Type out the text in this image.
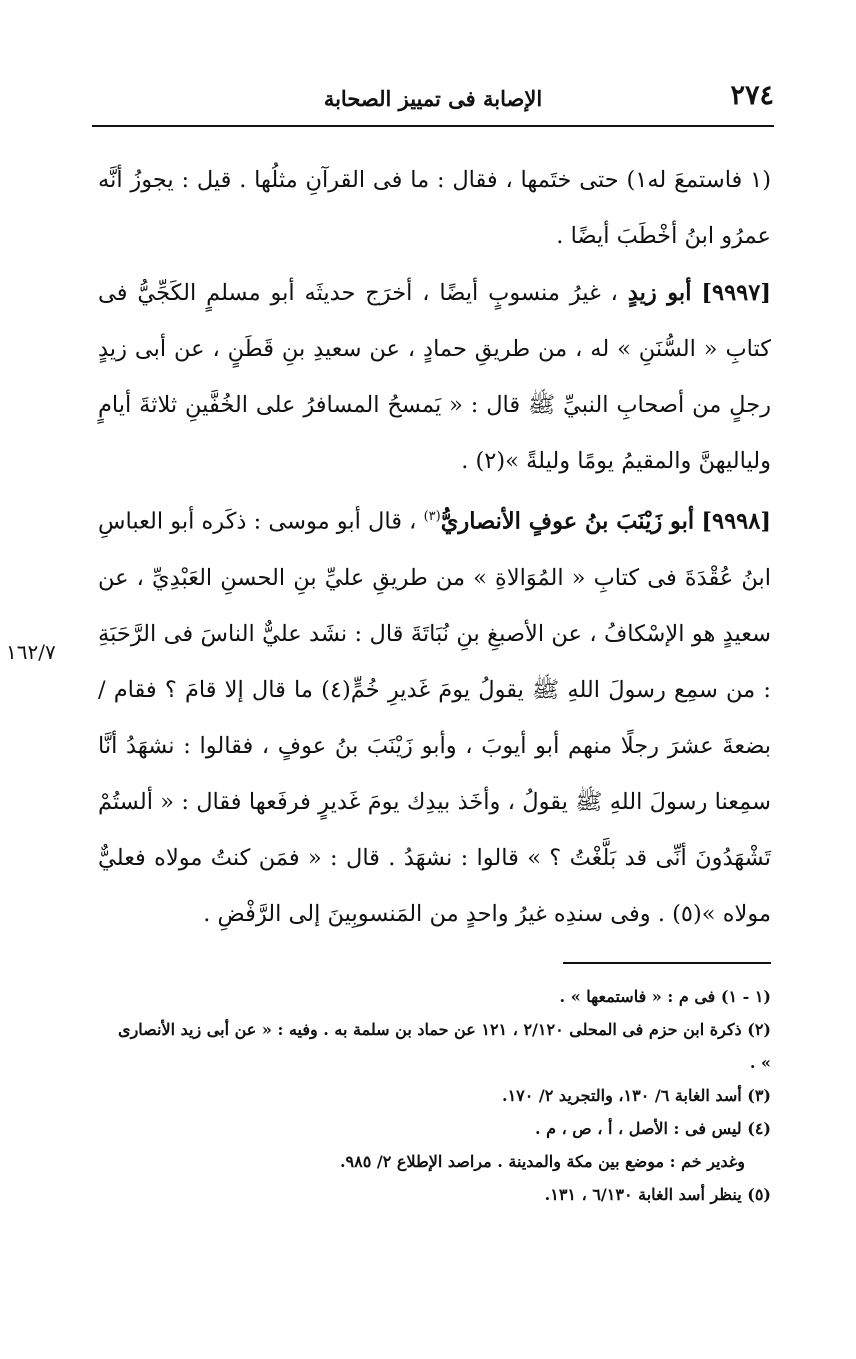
٢٧٤
الإصابة فى تمييز الصحابة
١٦٢/٧

(١ فاستمعَ له١) حتى ختَمها ، فقال : ما فى القرآنِ مثلُها . قيل : يجوزُ أنَّه عمرُو ابنُ أخْطَبَ أيضًا .

[٩٩٩٧] أبو زيدٍ ، غيرُ منسوبٍ أيضًا ، أخرَج حديثَه أبو مسلمٍ الكَجِّيُّ فى كتابِ « السُّنَنِ » له ، من طريقِ حمادٍ ، عن سعيدِ بنِ قَطَنٍ ، عن أبى زيدٍ رجلٍ من أصحابِ النبيِّ ﷺ قال : « يَمسحُ المسافرُ على الخُفَّينِ ثلاثةَ أيامٍ ولياليهنَّ والمقيمُ يومًا وليلةً »(٢) .

[٩٩٩٨] أبو زَيْنَبَ بنُ عوفٍ الأنصاريُّ$^{(٣)}$ ، قال أبو موسى : ذكَره أبو العباسِ ابنُ عُقْدَةَ فى كتابِ « المُوَالاةِ » من طريقِ عليِّ بنِ الحسنِ العَبْدِيِّ ، عن سعيدٍ هو الإسْكافُ ، عن الأصبغِ بنِ نُبَاتَةَ قال : نشَد عليٌّ الناسَ فى الرَّحَبَةِ : من سمِع رسولَ اللهِ ﷺ يقولُ يومَ غَديرِ خُمٍّ(٤) ما قال إلا قامَ ؟ فقام / بضعةَ عشرَ رجلًا منهم أبو أيوبَ ، وأبو زَيْنَبَ بنُ عوفٍ ، فقالوا : نشهَدُ أنَّا سمِعنا رسولَ اللهِ ﷺ يقولُ ، وأخَذ بيدِك يومَ غَديرٍ فرفَعها فقال : « ألستُمْ تَشْهَدُونَ أنِّى قد بَلَّغْتُ ؟ » قالوا : نشهَدُ . قال : « فمَن كنتُ مولاه فعليٌّ مولاه »(٥) . وفى سندِه غيرُ واحدٍ من المَنسوبِينَ إلى الرَّفْضِ .

(١ - ١) فى م : « فاستمعها » .

(٢) ذكرة ابن حزم فى المحلى ٢/١٢٠ ، ١٢١ عن حماد بن سلمة به . وفيه : « عن أبى زيد الأنصارى » .

(٣) أسد الغابة ٦/ ١٣٠، والتجريد ٢/ ١٧٠.

(٤) ليس فى : الأصل ، أ ، ص ، م .

وغدير خم : موضع بين مكة والمدينة . مراصد الإطلاع ٢/ ٩٨٥.

(٥) ينظر أسد الغابة ٦/١٣٠ ، ١٣١.
